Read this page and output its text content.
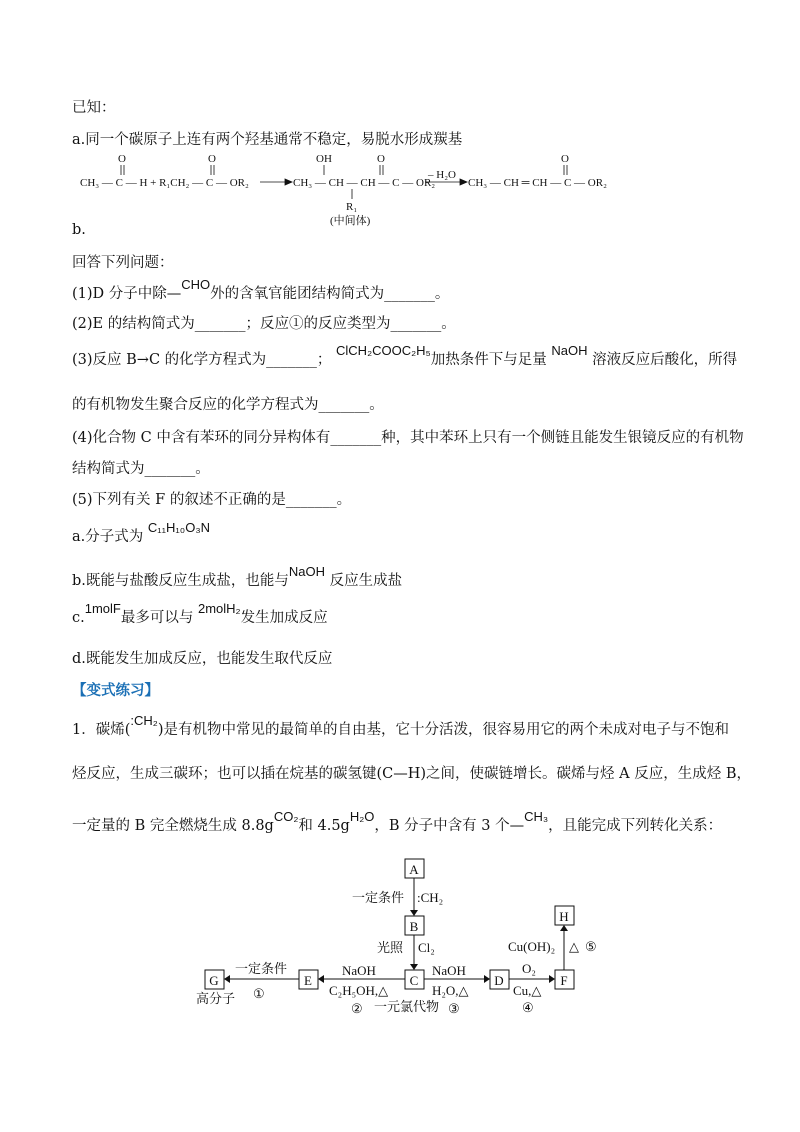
已知：
a.同一个碳原子上连有两个羟基通常不稳定，易脱水形成羰基
O	O	OH	O	O
CH₃ — C — H + R₁CH₂ — C — OR₂	CH₃ — CH — CH — C — OR₂
R₁
(中间体)
– H₂O
CH₃ — CH ═ CH — C — OR₂
b.
回答下列问题：
(1)D 分子中除—CHO外的含氧官能团结构简式为_______。
(2)E 的结构简式为_______；反应①的反应类型为_______。
(3)反应 B→C 的化学方程式为_______； ClCH₂COOC₂H₅加热条件下与足量 NaOH 溶液反应后酸化，所得
的有机物发生聚合反应的化学方程式为_______。
(4)化合物 C 中含有苯环的同分异构体有_______种，其中苯环上只有一个侧链且能发生银镜反应的有机物
结构简式为_______。
(5)下列有关 F 的叙述不正确的是_______。
a.分子式为 C₁₁H₁₀O₃N
b.既能与盐酸反应生成盐，也能与NaOH 反应生成盐
c.1molF最多可以与 2molH₂发生加成反应
d.既能发生加成反应，也能发生取代反应
【变式练习】
1．碳烯(:CH₂)是有机物中常见的最简单的自由基，它十分活泼，很容易用它的两个未成对电子与不饱和
烃反应，生成三碳环；也可以插在烷基的碳氢键(C—H)之间，使碳链增长。碳烯与烃 A 反应，生成烃 B，
一定量的 B 完全燃烧生成 8.8gCO₂和 4.5gH₂O，B 分子中含有 3 个—CH₃，且能完成下列转化关系：
A
B
C
E
G	D	F
H
一定条件 :CH₂
光照 Cl₂
NaOH
C₂H₅OH,△
②
NaOH
H₂O,△
③
一元氯代物
O₂
Cu,△
④
Cu(OH)₂ △ ⑤
一定条件
①
高分子
